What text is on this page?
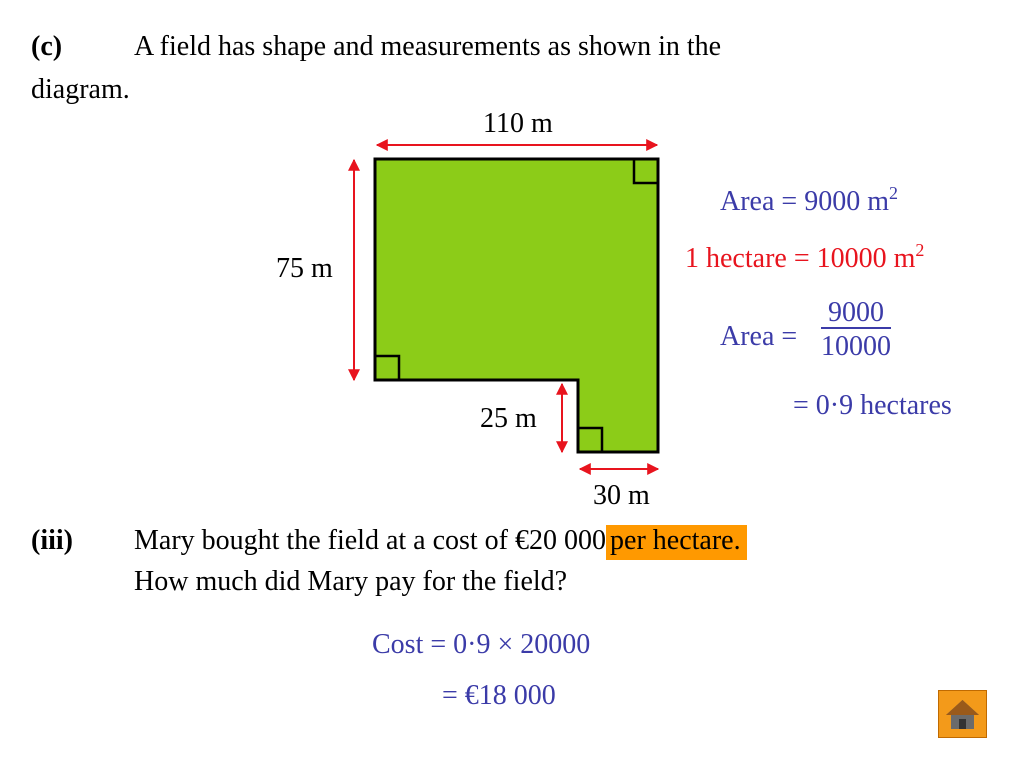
(c)	A field has shape and measurements as shown in the
diagram.
110 m
75 m
25 m
30 m
Area = 9000 $m^2$
1 hectare = 10000 $m^2$
Area = $\frac{9000}{10000}$
= 0·9 hectares
(iii) Mary bought the field at a cost of €20 000 per hectare.
How much did Mary pay for the field?
Cost = 0·9 × 20000
= €18 000
